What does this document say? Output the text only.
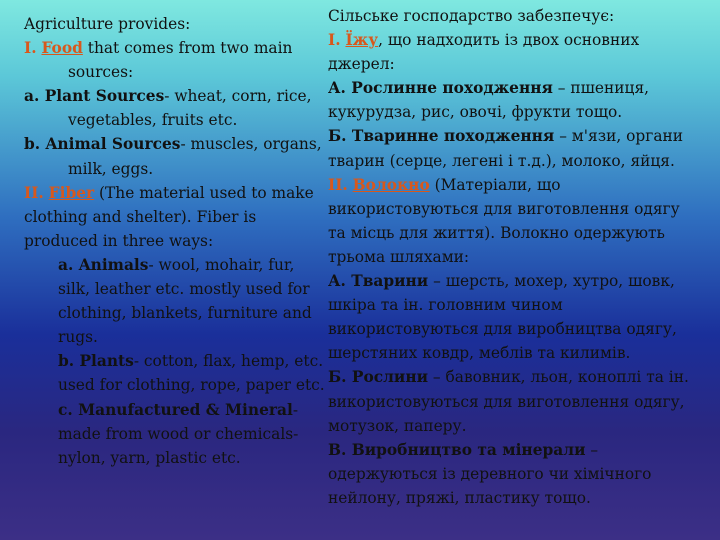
Agriculture provides:
I. Food that comes from two main
sources:
a. Plant Sources- wheat, corn, rice,
vegetables, fruits etc.
b. Animal Sources- muscles, organs,
milk, eggs.
II. Fiber (The material used to make
clothing and shelter). Fiber is
produced in three ways:
a. Animals- wool, mohair, fur,
silk, leather etc. mostly used for
clothing, blankets, furniture and
rugs.
b. Plants- cotton, flax, hemp, etc.
used for clothing, rope, paper etc.
c. Manufactured & Mineral-
made from wood or chemicals-
nylon, yarn, plastic etc.
Сільське господарство забезпечує:
I. Їжу, що надходить із двох основних
джерел:
А. Рослинне походження – пшениця,
кукурудза, рис, овочі, фрукти тощо.
Б. Тваринне походження – м'язи, органи
тварин (серце, легені і т.д.), молоко, яйця.
II. Волокно (Матеріали, що
використовуються для виготовлення одягу
та місць для життя). Волокно одержують
трьома шляхами:
А. Тварини – шерсть, мохер, хутро, шовк,
шкіра та ін. головним чином
використовуються для виробництва одягу,
шерстяних ковдр, меблів та килимів.
Б. Рослини – бавовник, льон, коноплі та ін.
використовуються для виготовлення одягу,
мотузок, паперу.
В. Виробництво та мінерали –
одержуються із деревного чи хімічного
нейлону, пряжі, пластику тощо.
